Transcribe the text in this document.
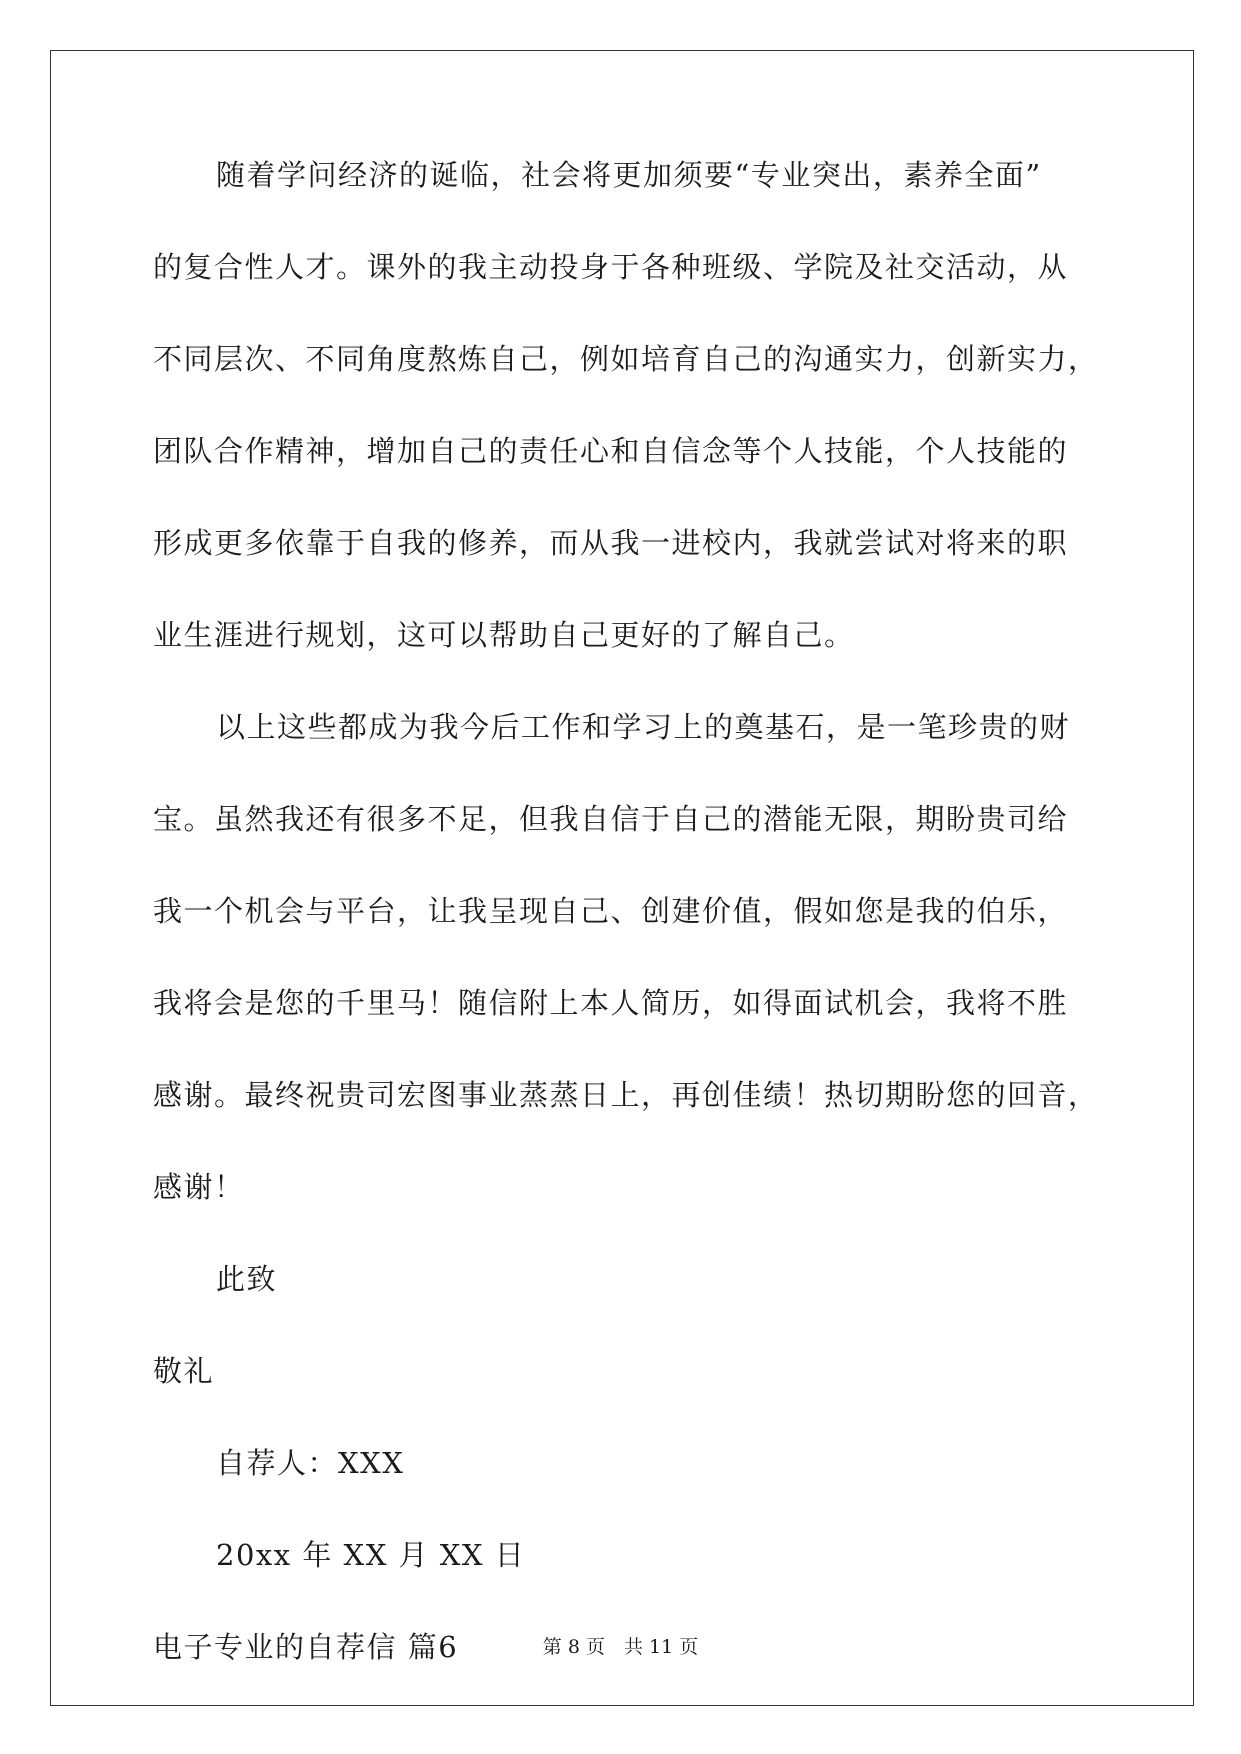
随着学问经济的诞临，社会将更加须要“专业突出，素养全面”
的复合性人才。课外的我主动投身于各种班级、学院及社交活动，从
不同层次、不同角度熬炼自己，例如培育自己的沟通实力，创新实力，
团队合作精神，增加自己的责任心和自信念等个人技能，个人技能的
形成更多依靠于自我的修养，而从我一进校内，我就尝试对将来的职
业生涯进行规划，这可以帮助自己更好的了解自己。
以上这些都成为我今后工作和学习上的奠基石，是一笔珍贵的财
宝。虽然我还有很多不足，但我自信于自己的潜能无限，期盼贵司给
我一个机会与平台，让我呈现自己、创建价值，假如您是我的伯乐，
我将会是您的千里马！随信附上本人简历，如得面试机会，我将不胜
感谢。最终祝贵司宏图事业蒸蒸日上，再创佳绩！热切期盼您的回音，
感谢！
此致
敬礼
自荐人：XXX
20xx 年 XX 月 XX 日
电子专业的自荐信 篇6	第 8 页　共 11 页
